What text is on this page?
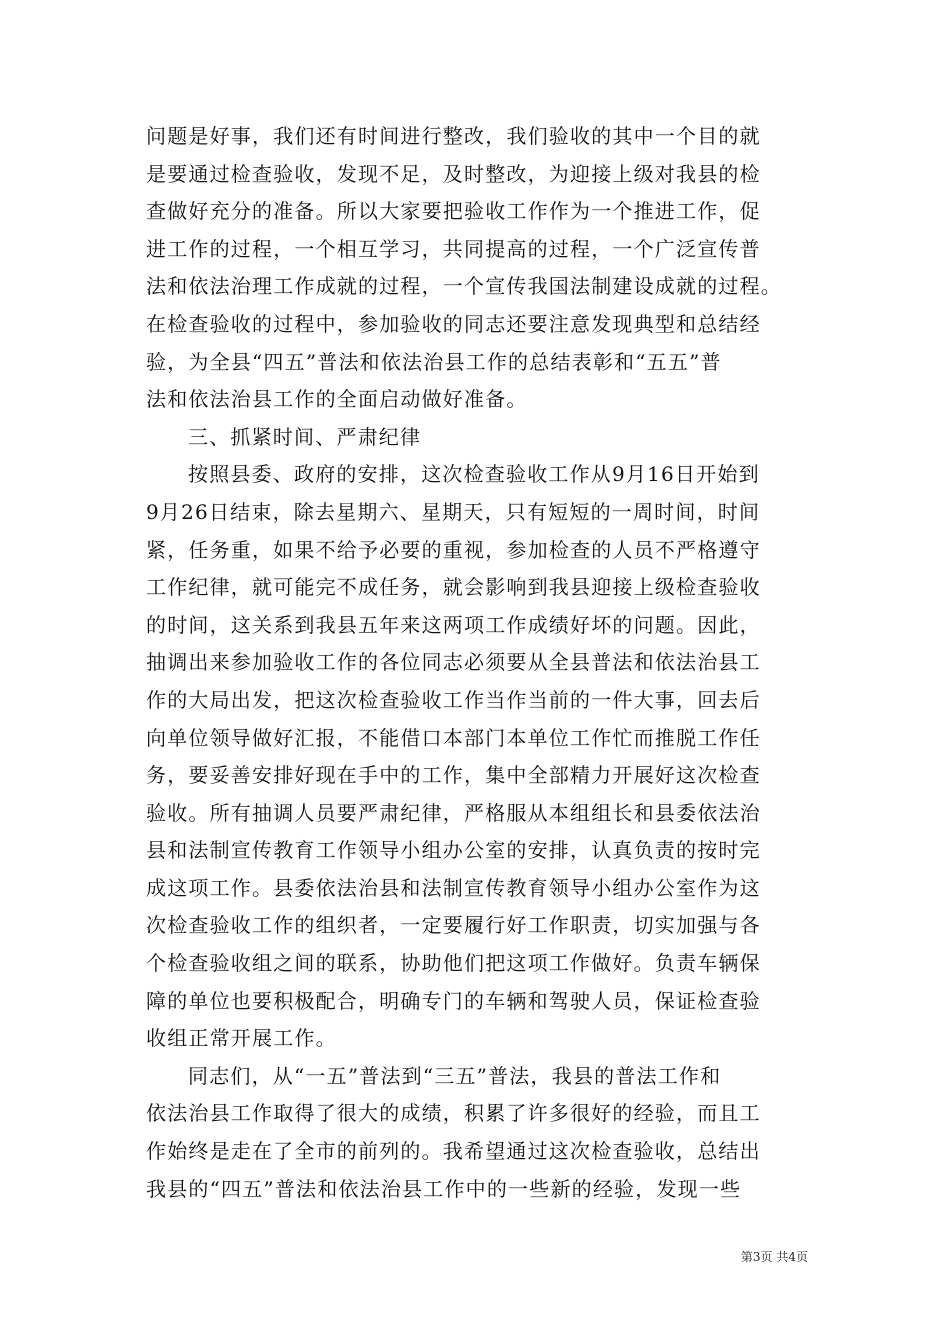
问题是好事，我们还有时间进行整改，我们验收的其中一个目的就
是要通过检查验收，发现不足，及时整改，为迎接上级对我县的检
查做好充分的准备。所以大家要把验收工作作为一个推进工作，促
进工作的过程，一个相互学习，共同提高的过程，一个广泛宣传普
法和依法治理工作成就的过程，一个宣传我国法制建设成就的过程。
在检查验收的过程中，参加验收的同志还要注意发现典型和总结经
验，为全县“四五”普法和依法治县工作的总结表彰和“五五”普
法和依法治县工作的全面启动做好准备。
三、抓紧时间、严肃纪律
按照县委、政府的安排，这次检查验收工作从9月16日开始到
9月26日结束，除去星期六、星期天，只有短短的一周时间，时间
紧，任务重，如果不给予必要的重视，参加检查的人员不严格遵守
工作纪律，就可能完不成任务，就会影响到我县迎接上级检查验收
的时间，这关系到我县五年来这两项工作成绩好坏的问题。因此，
抽调出来参加验收工作的各位同志必须要从全县普法和依法治县工
作的大局出发，把这次检查验收工作当作当前的一件大事，回去后
向单位领导做好汇报，不能借口本部门本单位工作忙而推脱工作任
务，要妥善安排好现在手中的工作，集中全部精力开展好这次检查
验收。所有抽调人员要严肃纪律，严格服从本组组长和县委依法治
县和法制宣传教育工作领导小组办公室的安排，认真负责的按时完
成这项工作。县委依法治县和法制宣传教育领导小组办公室作为这
次检查验收工作的组织者，一定要履行好工作职责，切实加强与各
个检查验收组之间的联系，协助他们把这项工作做好。负责车辆保
障的单位也要积极配合，明确专门的车辆和驾驶人员，保证检查验
收组正常开展工作。
同志们，从“一五”普法到“三五”普法，我县的普法工作和
依法治县工作取得了很大的成绩，积累了许多很好的经验，而且工
作始终是走在了全市的前列的。我希望通过这次检查验收，总结出
我县的“四五”普法和依法治县工作中的一些新的经验，发现一些
第3页 共4页
